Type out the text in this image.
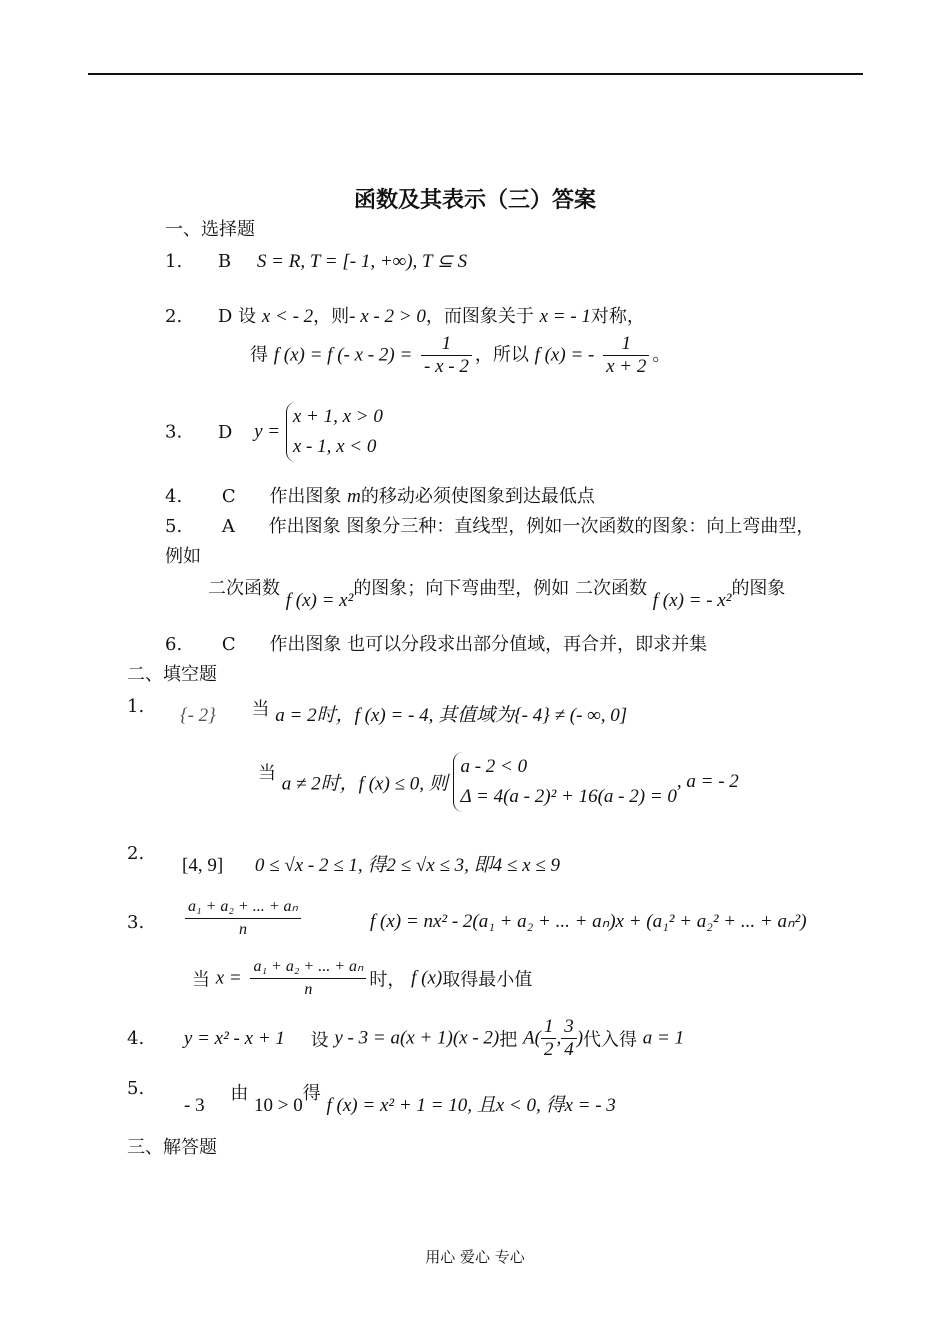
函数及其表示（三）答案
一、选择题
1. B S = R, T = [- 1, +∞), T ⊆ S
2. D 设 x < - 2，则- x - 2 > 0，而图象关于 x = - 1对称，
得 f (x) = f (- $x - 2) = \frac{1}{- x - 2}$ ，所以 f (x) = - $\frac{1}{x + 2}$ 。
3. D y =
x + 1, x > 0
x - 1, x < 0
4. C 作出图象 m的移动必须使图象到达最低点
5. A 作出图象 图象分三种：直线型，例如一次函数的图象：向上弯曲型，
例如
二次函数 f (x) = x²的图象；向下弯曲型，例如 二次函数 f (x) = - x²的图象
6. C 作出图象 也可以分段求出部分值域，再合并，即求并集
二、填空题
1. {- 2} 当 a = 2时，f (x) = - 4, 其值域为{- 4} ≠ (- ∞, 0]
当 a ≠ 2时，f (x) ≤ 0, 则
a - 2 < 0
Δ = 4(a - 2)² + 16(a - 2) = 0
, a = - 2
2.
[4, 9] 0 ≤ √x - 2 ≤ 1, 得2 ≤ √x ≤ 3, 即4 ≤ x ≤ 9
3.	$\frac{\text{a₁ + a₂ + ... + aₙ}}{n}$	f (x) = nx² - 2(a₁ + a₂ + ... + aₙ)x + (a₁² + a₂² + ... + aₙ²)
当 $x = \frac{\text{a₁ + a₂ + ... + aₙ}}{n}$ 时， f (x)取得最小值
4. y = x² - x + 1 设 y - 3 = a(x + 1)(x - 2)把 $A( \frac{1}{2}$ , $\frac{3}{4}$ )代入得 a = 1
5.
- 3 由 10 > 0得 f (x) = x² + 1 = 10, 且x < 0, 得x = - 3
三、解答题
用心 爱心 专心
